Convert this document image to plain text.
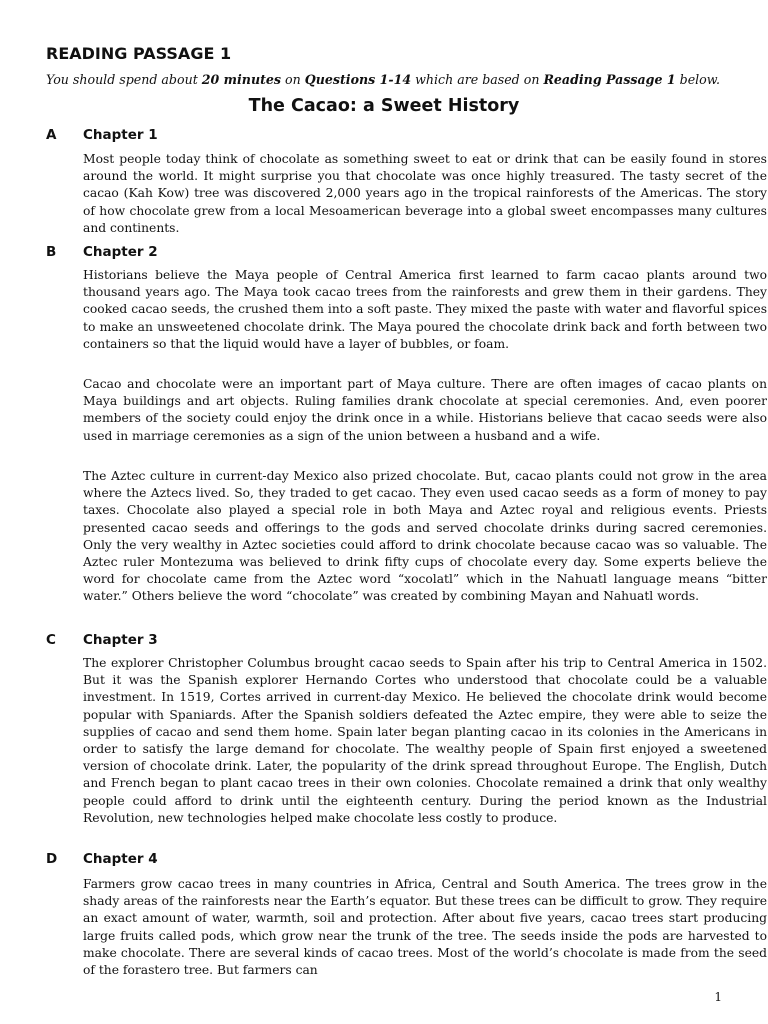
READING PASSAGE 1
You should spend about 20 minutes on Questions 1-14 which are based on Reading Passage 1 below.
The Cacao: a Sweet History
A Chapter 1

Most people today think of chocolate as something sweet to eat or drink that can be easily found in stores around the world. It might surprise you that chocolate was once highly treasured. The tasty secret of the cacao (Kah Kow) tree was discovered 2,000 years ago in the tropical rainforests of the Americas. The story of how chocolate grew from a local Mesoamerican beverage into a global sweet encompasses many cultures and continents.

B Chapter 2

Historians believe the Maya people of Central America first learned to farm cacao plants around two thousand years ago. The Maya took cacao trees from the rainforests and grew them in their gardens. They cooked cacao seeds, the crushed them into a soft paste. They mixed the paste with water and flavorful spices to make an unsweetened chocolate drink. The Maya poured the chocolate drink back and forth between two containers so that the liquid would have a layer of bubbles, or foam.

Cacao and chocolate were an important part of Maya culture. There are often images of cacao plants on Maya buildings and art objects. Ruling families drank chocolate at special ceremonies. And, even poorer members of the society could enjoy the drink once in a while. Historians believe that cacao seeds were also used in marriage ceremonies as a sign of the union between a husband and a wife.

The Aztec culture in current-day Mexico also prized chocolate. But, cacao plants could not grow in the area where the Aztecs lived. So, they traded to get cacao. They even used cacao seeds as a form of money to pay taxes. Chocolate also played a special role in both Maya and Aztec royal and religious events. Priests presented cacao seeds and offerings to the gods and served chocolate drinks during sacred ceremonies. Only the very wealthy in Aztec societies could afford to drink chocolate because cacao was so valuable. The Aztec ruler Montezuma was believed to drink fifty cups of chocolate every day. Some experts believe the word for chocolate came from the Aztec word “xocolatl” which in the Nahuatl language means “bitter water.” Others believe the word “chocolate” was created by combining Mayan and Nahuatl words.

C Chapter 3

The explorer Christopher Columbus brought cacao seeds to Spain after his trip to Central America in 1502. But it was the Spanish explorer Hernando Cortes who understood that chocolate could be a valuable investment. In 1519, Cortes arrived in current-day Mexico. He believed the chocolate drink would become popular with Spaniards. After the Spanish soldiers defeated the Aztec empire, they were able to seize the supplies of cacao and send them home. Spain later began planting cacao in its colonies in the Americans in order to satisfy the large demand for chocolate. The wealthy people of Spain first enjoyed a sweetened version of chocolate drink. Later, the popularity of the drink spread throughout Europe. The English, Dutch and French began to plant cacao trees in their own colonies. Chocolate remained a drink that only wealthy people could afford to drink until the eighteenth century. During the period known as the Industrial Revolution, new technologies helped make chocolate less costly to produce.

D Chapter 4

Farmers grow cacao trees in many countries in Africa, Central and South America. The trees grow in the shady areas of the rainforests near the Earth’s equator. But these trees can be difficult to grow. They require an exact amount of water, warmth, soil and protection. After about five years, cacao trees start producing large fruits called pods, which grow near the trunk of the tree. The seeds inside the pods are harvested to make chocolate. There are several kinds of cacao trees. Most of the world’s chocolate is made from the seed of the forastero tree. But farmers can

1
